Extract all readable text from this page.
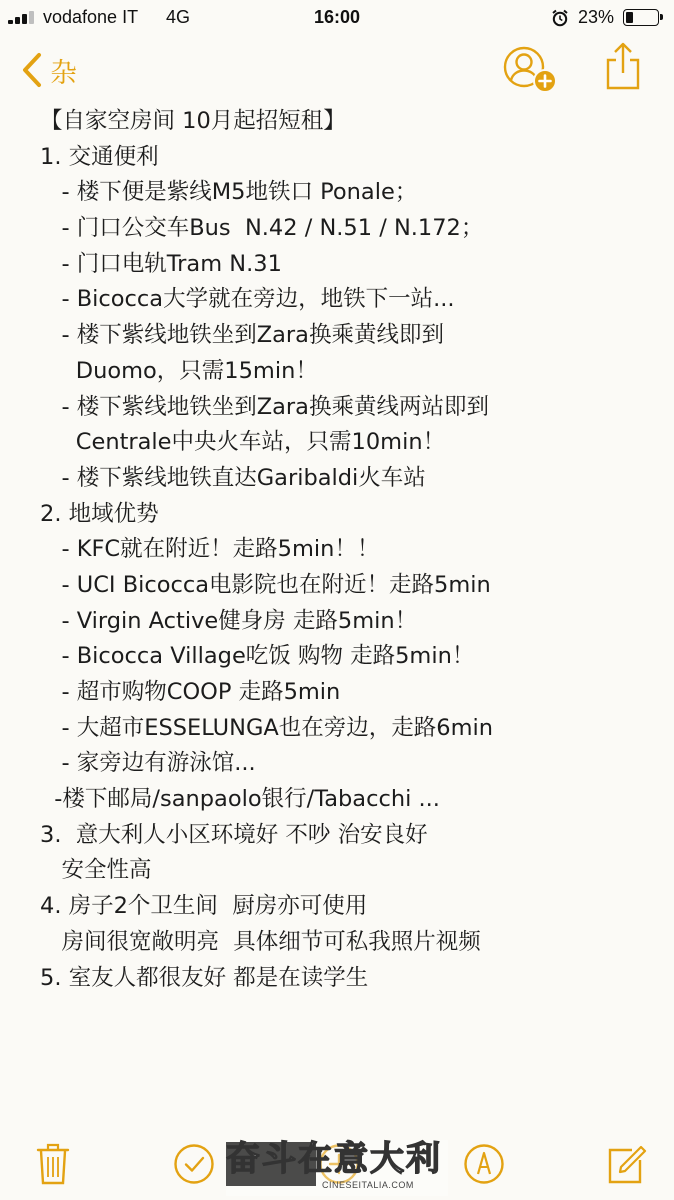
vodafone IT 4G	16:00	23%
杂
【自家空房间 10月起招短租】
1. 交通便利
- 楼下便是紫线M5地铁口 Ponale；
- 门口公交车Bus  N.42 / N.51 / N.172；
- 门口电轨Tram N.31
- Bicocca大学就在旁边，地铁下一站...
- 楼下紫线地铁坐到Zara换乘黄线即到
Duomo，只需15min！
- 楼下紫线地铁坐到Zara换乘黄线两站即到
Centrale中央火车站，只需10min！
- 楼下紫线地铁直达Garibaldi火车站
2. 地域优势
- KFC就在附近！走路5min！！
- UCI Bicocca电影院也在附近！走路5min
- Virgin Active健身房 走路5min！
- Bicocca Village吃饭 购物 走路5min！
- 超市购物COOP 走路5min
- 大超市ESSELUNGA也在旁边，走路6min
- 家旁边有游泳馆...
-楼下邮局/sanpaolo银行/Tabacchi ...
3.  意大利人小区环境好 不吵 治安良好
安全性高
4. 房子2个卫生间  厨房亦可使用
房间很宽敞明亮  具体细节可私我照片视频
5. 室友人都很友好 都是在读学生
奋斗在意大利
CINESEITALIA.COM
